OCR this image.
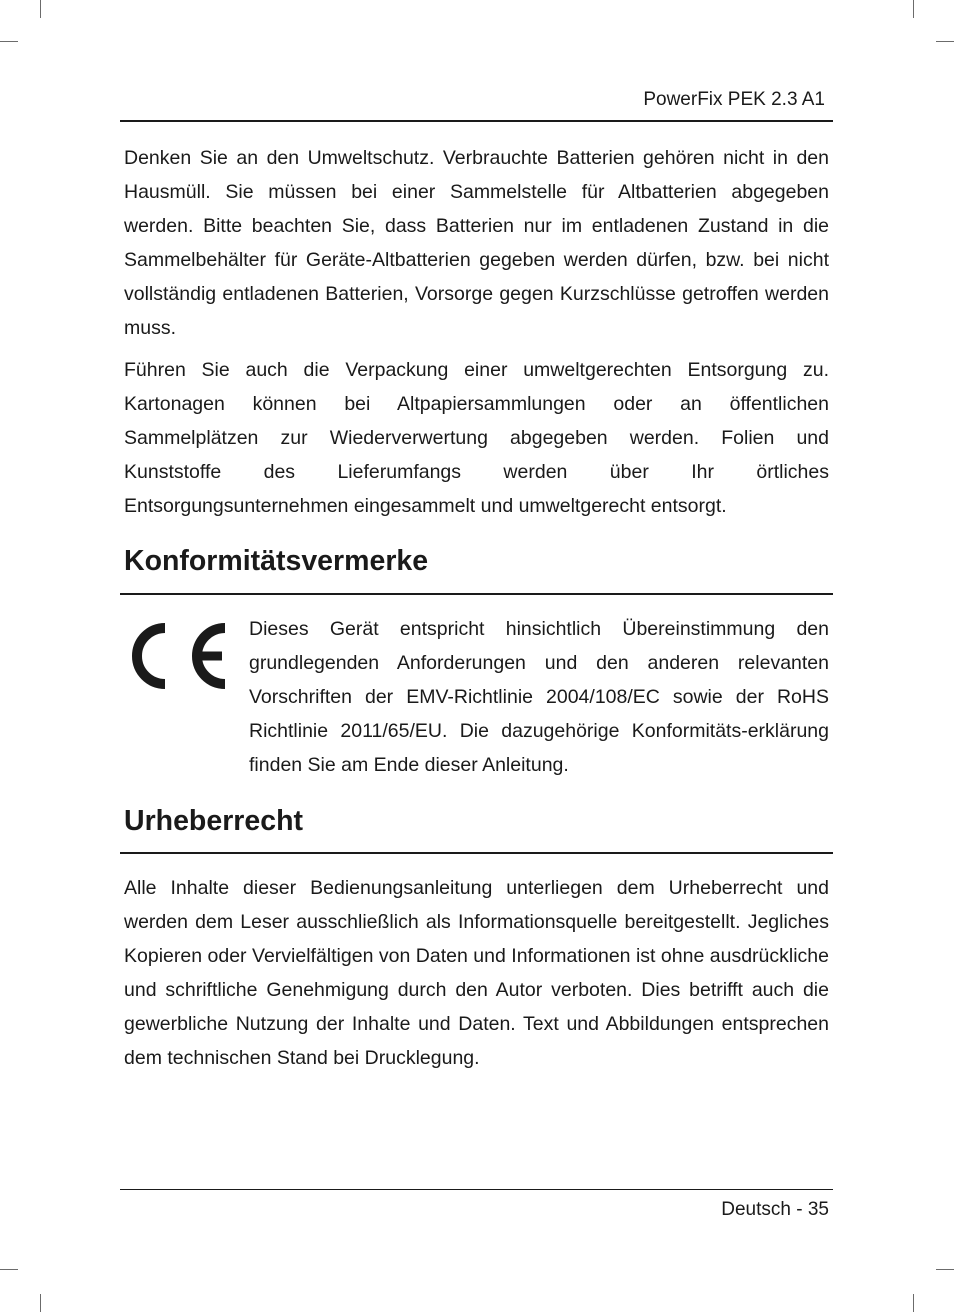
PowerFix PEK 2.3 A1

Denken Sie an den Umweltschutz. Verbrauchte Batterien gehören nicht in den Hausmüll. Sie müssen bei einer Sammelstelle für Altbatterien abgegeben werden. Bitte beachten Sie, dass Batterien nur im entladenen Zustand in die Sammelbehälter für Geräte-Altbatterien gegeben werden dürfen, bzw. bei nicht vollständig entladenen Batterien, Vorsorge gegen Kurzschlüsse getroffen werden muss.

Führen Sie auch die Verpackung einer umweltgerechten Entsorgung zu. Kartonagen können bei Altpapiersammlungen oder an öffentlichen Sammelplätzen zur Wiederverwertung abgegeben werden. Folien und Kunststoffe des Lieferumfangs werden über Ihr örtliches Entsorgungsunternehmen eingesammelt und umweltgerecht entsorgt.

Konformitätsvermerke

Dieses Gerät entspricht hinsichtlich Übereinstimmung den grundlegenden Anforderungen und den anderen relevanten Vorschriften der EMV-Richtlinie 2004/108/EC sowie der RoHS Richtlinie 2011/65/EU. Die dazugehörige Konformitäts-erklärung finden Sie am Ende dieser Anleitung.

Urheberrecht

Alle Inhalte dieser Bedienungsanleitung unterliegen dem Urheberrecht und werden dem Leser ausschließlich als Informationsquelle bereitgestellt. Jegliches Kopieren oder Vervielfältigen von Daten und Informationen ist ohne ausdrückliche und schriftliche Genehmigung durch den Autor verboten. Dies betrifft auch die gewerbliche Nutzung der Inhalte und Daten. Text und Abbildungen entsprechen dem technischen Stand bei Drucklegung.

Deutsch - 35
